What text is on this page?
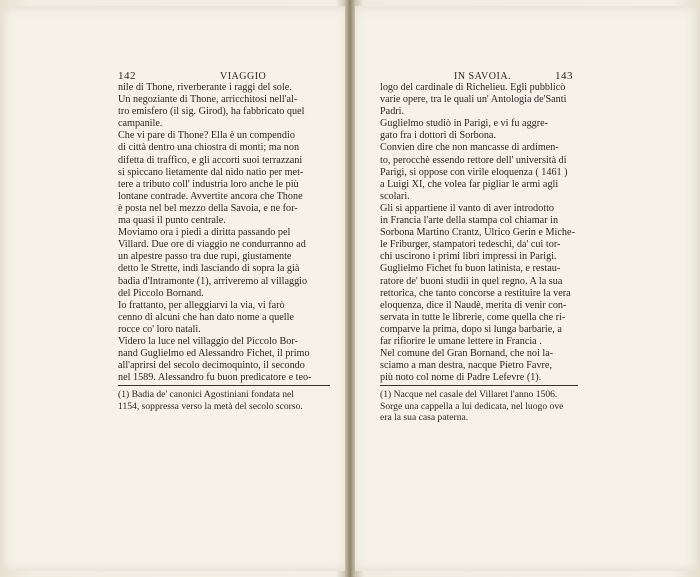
142	VIAGGIO
nile di Thone, riverberante i raggi del sole.
Un negoziante di Thone, arricchitosi nell'al-
tro emisfero (il sig. Girod), ha fabbricato quel
campanile.
Che vi pare di Thone? Ella è un compendio
di città dentro una chiostra di monti; ma non
difetta di traffico, e gli accorti suoi terrazzani
si spiccano lietamente dal nido natio per met-
tere a tributo coll' industria loro anche le più
lontane contrade. Avvertite ancora che Thone
è posta nel bel mezzo della Savoia, e ne for-
ma quasi il punto centrale.
Moviamo ora i piedi a diritta passando pel
Villard. Due ore di viaggio ne condurranno ad
un alpestre passo tra due rupi, giustamente
detto le Strette, indi lasciando di sopra la già
badia d'Intramonte (1), arriveremo al villaggio
del Piccolo Bornand.
Io frattanto, per alleggiarvi la via, vi farò
cenno di alcuni che han dato nome a quelle
rocce co' loro natali.
Videro la luce nel villaggio del Piccolo Bor-
nand Guglielmo ed Alessandro Fichet, il primo
all'aprirsi del secolo decimoquinto, il secondo
nel 1589. Alessandro fu buon predicatore e teo-
(1) Badia de' canonici Agostiniani fondata nel
1154, soppressa verso la metà del secolo scorso.
IN SAVOIA.	143
logo del cardinale di Richelieu. Egli pubblicò
varie opere, tra le quali un' Antologia de'Santi
Padri.
Guglielmo studiò in Parigi, e vi fu aggre-
gato fra i dottori di Sorbona.
Convien dire che non mancasse di ardimen-
to, perocchè essendo rettore dell' università di
Parigi, si oppose con virile eloquenza ( 1461 )
a Luigi XI, che volea far pigliar le armi agli
scolari.
Gli si appartiene il vanto di aver introdotto
in Francia l'arte della stampa col chiamar in
Sorbona Martino Crantz, Ulrico Gerin e Miche-
le Friburger, stampatori tedeschi, da' cui tor-
chi uscirono i primi libri impressi in Parigi.
Guglielmo Fichet fu buon latinista, e restau-
ratore de' buoni studii in quel regno. A la sua
rettorica, che tanto concorse a restituire la vera
eloquenza, dice il Naudè, merita di venir con-
servata in tutte le librerie, come quella che ri-
comparve la prima, dopo sì lunga barbarie, a
far rifiorire le umane lettere in Francia .
Nel comune del Gran Bornand, che noi la-
sciamo a man destra, nacque Pietro Favre,
più noto col nome di Padre Lefevre (1).
(1) Nacque nel casale del Villaret l'anno 1506.
Sorge una cappella a lui dedicata, nel luogo ove
era la sua casa paterna.
